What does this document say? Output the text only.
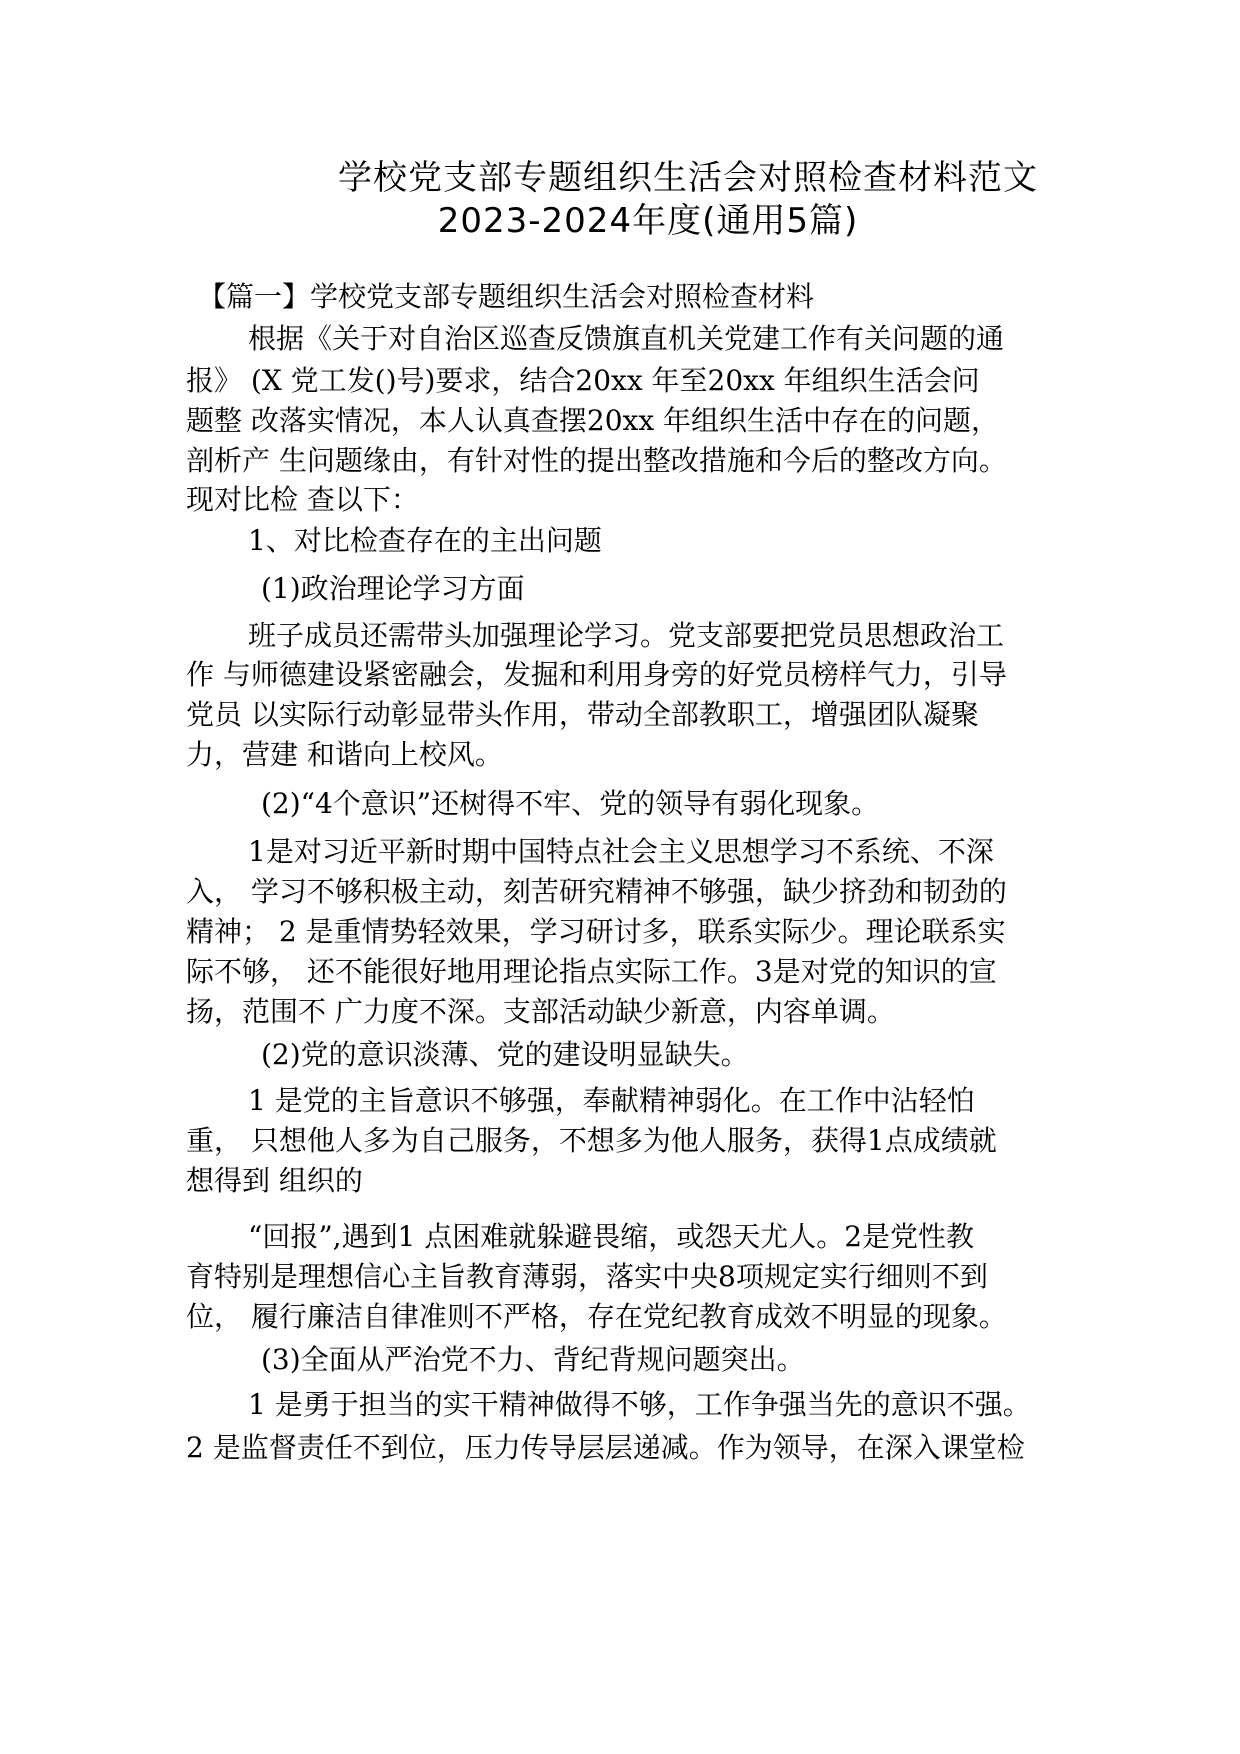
学校党支部专题组织生活会对照检查材料范文
2023-2024年度(通用5篇)
【篇一】学校党支部专题组织生活会对照检查材料
根据《关于对自治区巡查反馈旗直机关党建工作有关问题的通
报》 (X 党工发()号)要求，结合20xx 年至20xx 年组织生活会问
题整 改落实情况，本人认真查摆20xx 年组织生活中存在的问题，
剖析产 生问题缘由，有针对性的提出整改措施和今后的整改方向。
现对比检 查以下：
1、对比检查存在的主出问题
(1)政治理论学习方面
班子成员还需带头加强理论学习。党支部要把党员思想政治工
作 与师德建设紧密融会，发掘和利用身旁的好党员榜样气力，引导
党员 以实际行动彰显带头作用，带动全部教职工，增强团队凝聚
力，营建 和谐向上校风。
(2)“4个意识”还树得不牢、党的领导有弱化现象。
1是对习近平新时期中国特点社会主义思想学习不系统、不深
入， 学习不够积极主动，刻苦研究精神不够强，缺少挤劲和韧劲的
精神； 2 是重情势轻效果，学习研讨多，联系实际少。理论联系实
际不够， 还不能很好地用理论指点实际工作。3是对党的知识的宣
扬，范围不 广力度不深。支部活动缺少新意，内容单调。
(2)党的意识淡薄、党的建设明显缺失。
1 是党的主旨意识不够强，奉献精神弱化。在工作中沾轻怕
重， 只想他人多为自己服务，不想多为他人服务，获得1点成绩就
想得到 组织的
“回报”,遇到1 点困难就躲避畏缩，或怨天尤人。2是党性教
育特别是理想信心主旨教育薄弱，落实中央8项规定实行细则不到
位， 履行廉洁自律准则不严格，存在党纪教育成效不明显的现象。
(3)全面从严治党不力、背纪背规问题突出。
1 是勇于担当的实干精神做得不够，工作争强当先的意识不强。
2 是监督责任不到位，压力传导层层递减。作为领导，在深入课堂检
